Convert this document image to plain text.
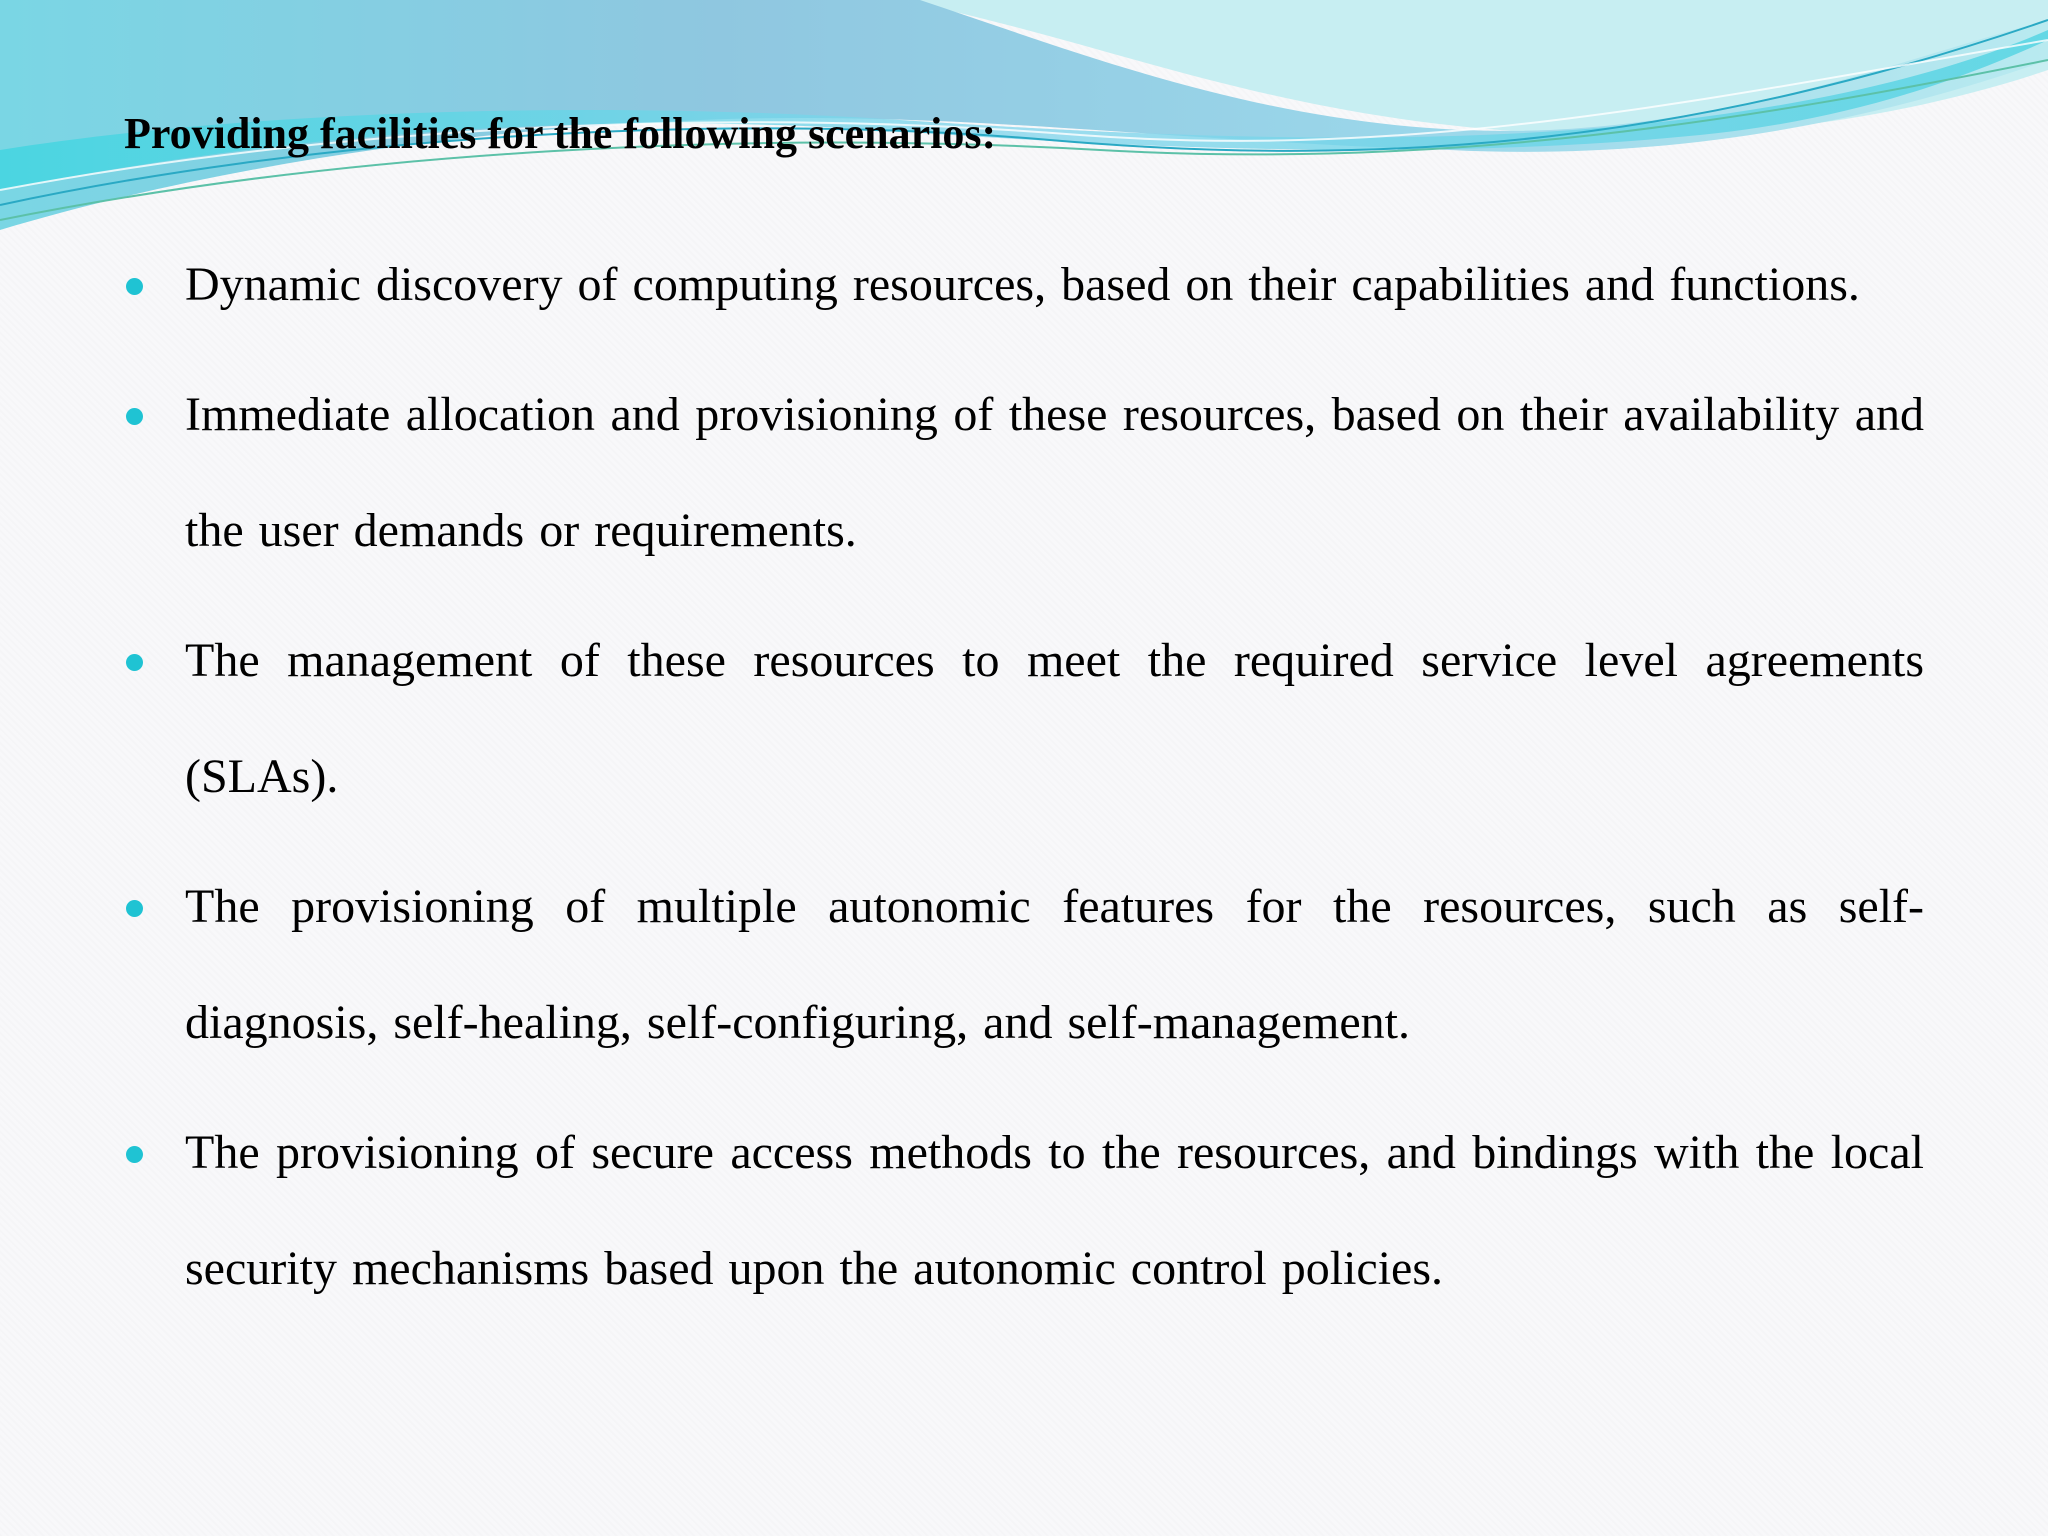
Providing facilities for the following scenarios:
Dynamic discovery of computing resources, based on their capabilities and functions.
Immediate allocation and provisioning of these resources, based on their availability and the user demands or requirements.
The management of these resources to meet the required service level agreements (SLAs).
The provisioning of multiple autonomic features for the resources, such as self-diagnosis, self-healing, self-configuring, and self-management.
The provisioning of secure access methods to the resources, and bindings with the local security mechanisms based upon the autonomic control policies.
